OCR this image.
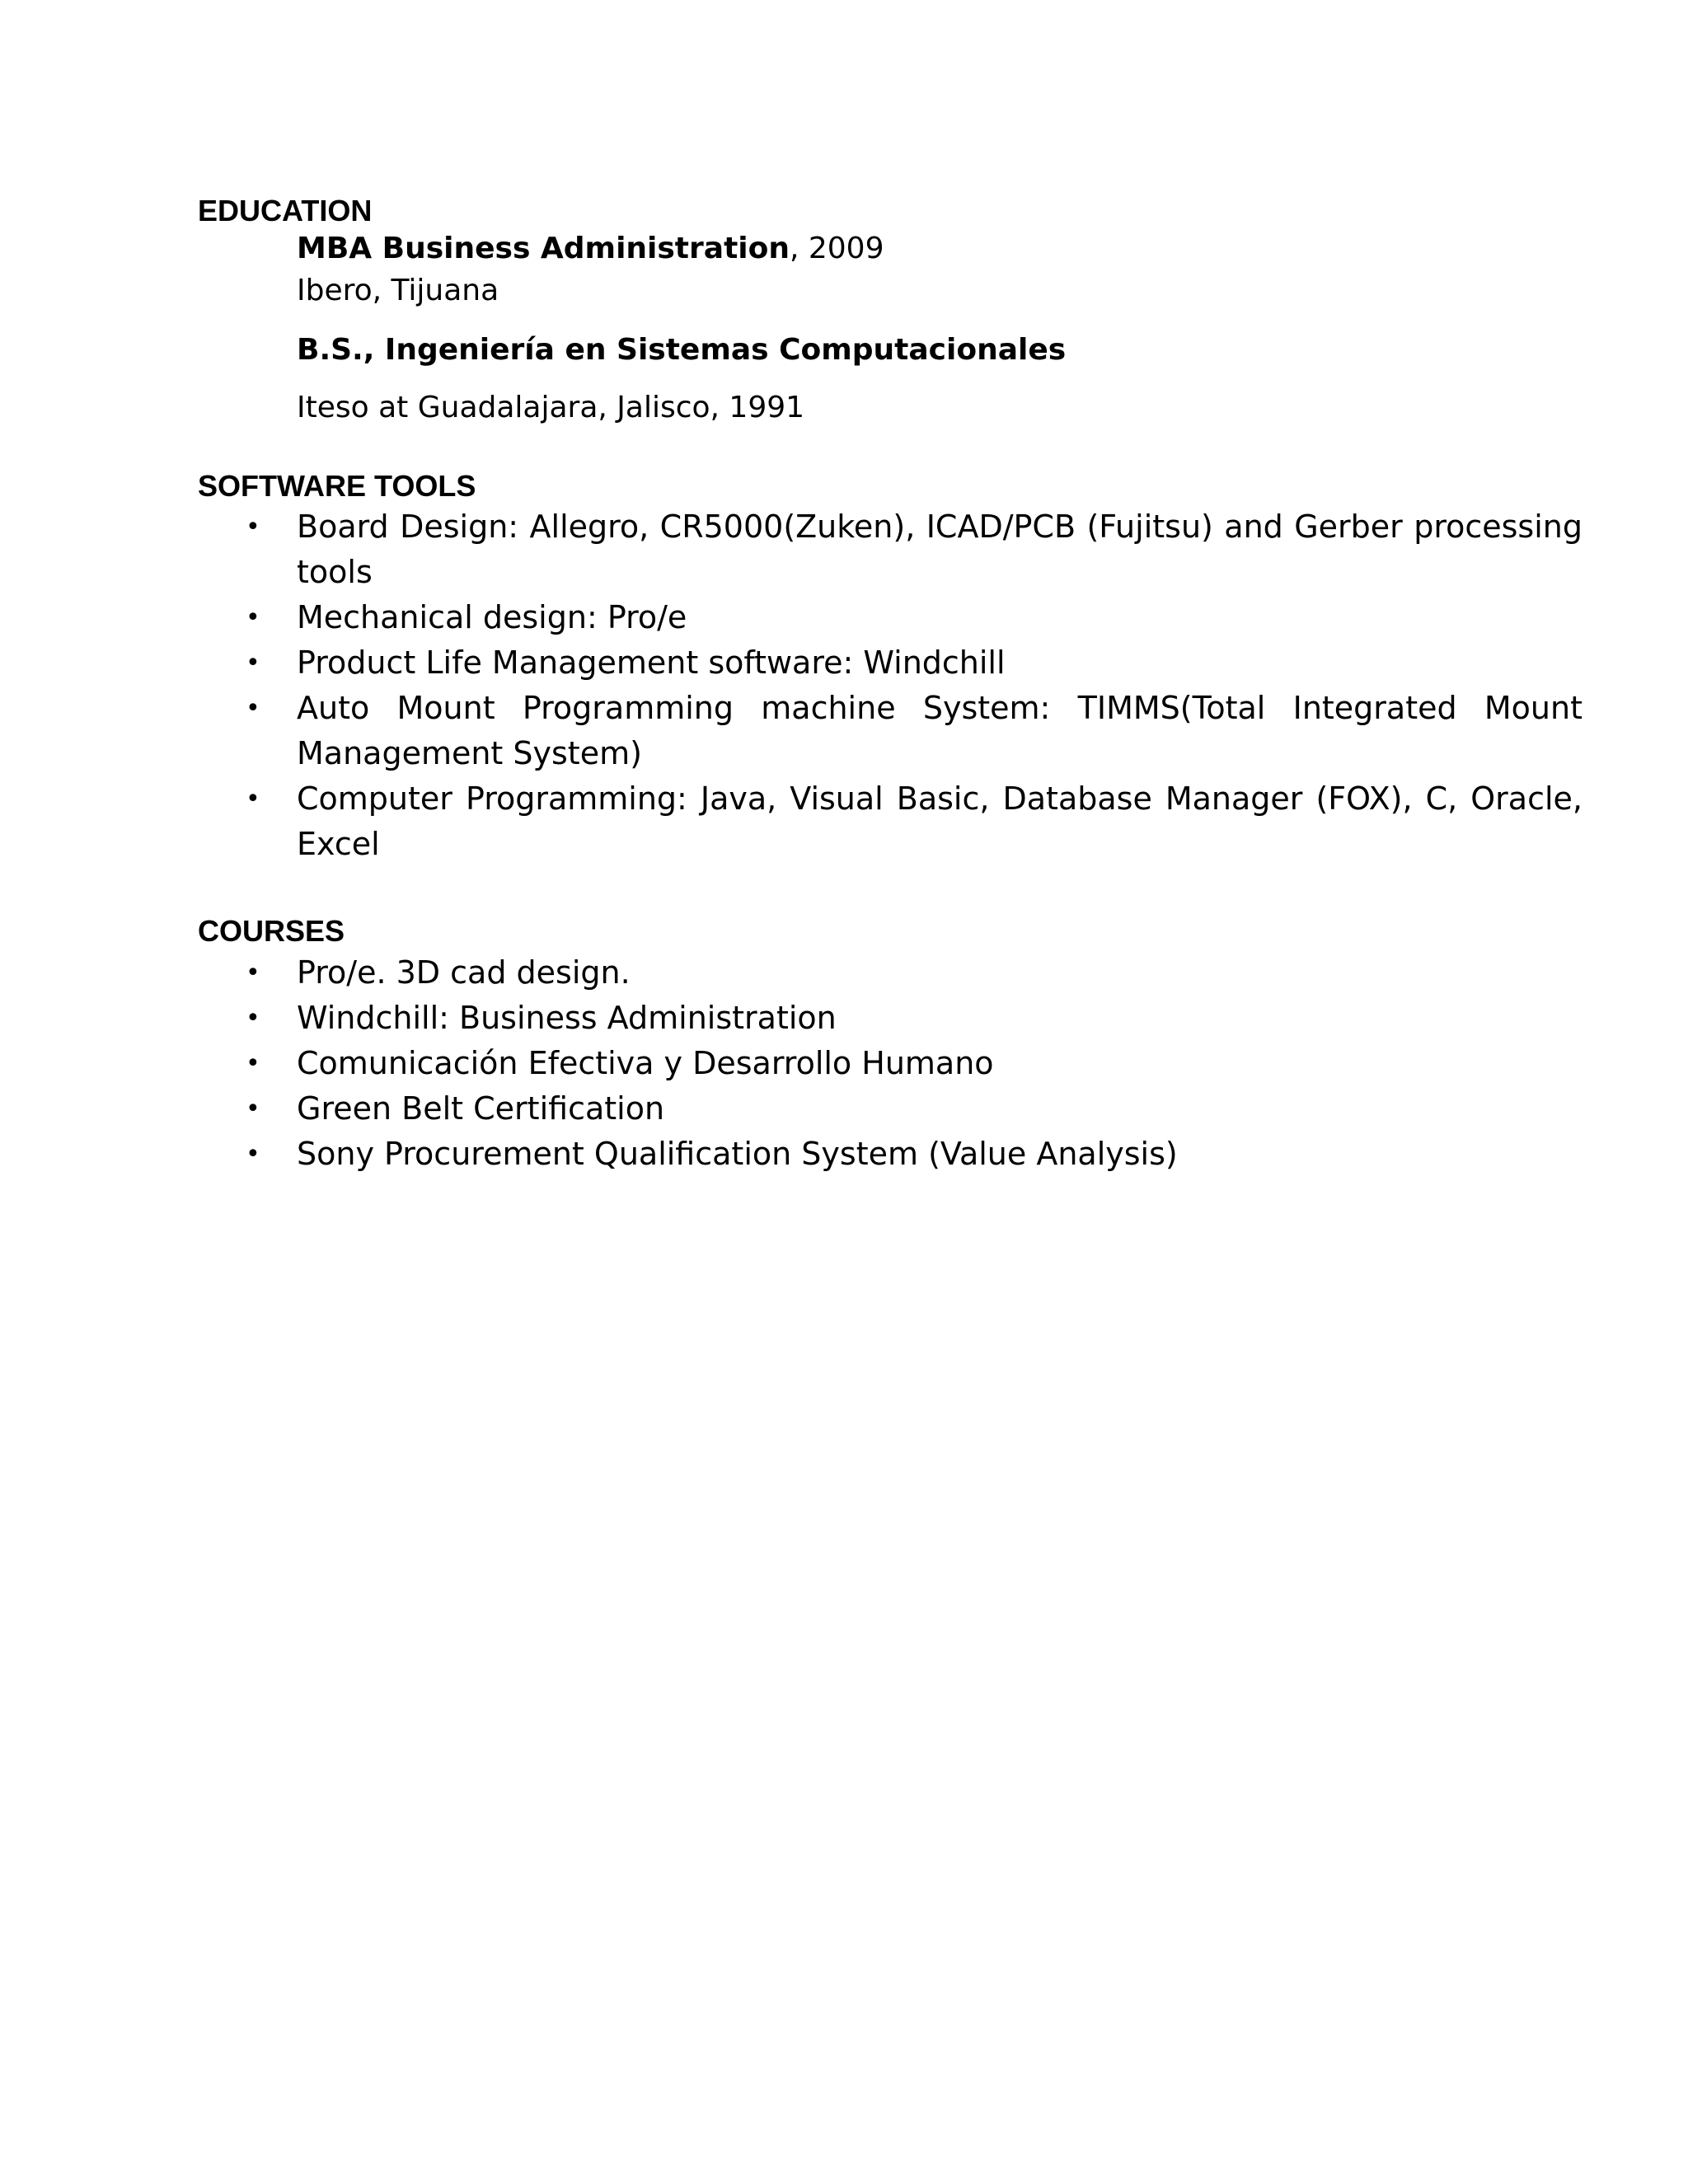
EDUCATION

MBA Business Administration, 2009

Ibero, Tijuana

B.S., Ingeniería en Sistemas Computacionales

Iteso at Guadalajara, Jalisco, 1991

SOFTWARE TOOLS
• Board Design: Allegro, CR5000(Zuken), ICAD/PCB (Fujitsu) and Gerber processing tools
• Mechanical design: Pro/e
• Product Life Management software: Windchill
• Auto Mount Programming machine System: TIMMS(Total Integrated Mount Management System)
• Computer Programming: Java, Visual Basic, Database Manager (FOX), C, Oracle, Excel
COURSES
• Pro/e. 3D cad design.
• Windchill: Business Administration
• Comunicación Efectiva y Desarrollo Humano
• Green Belt Certification
• Sony Procurement Qualification System (Value Analysis)
